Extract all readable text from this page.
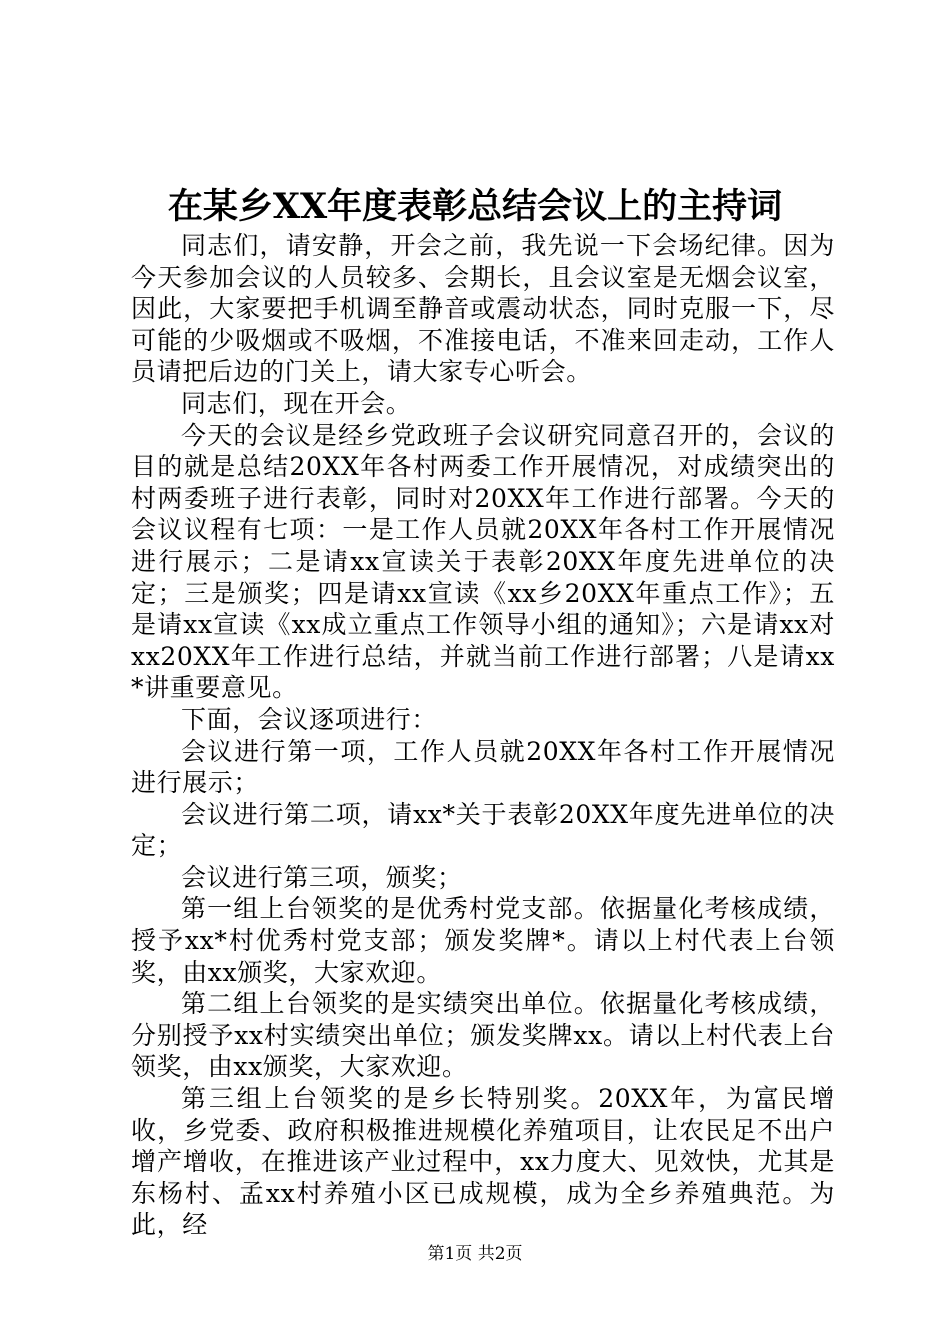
在某乡XX年度表彰总结会议上的主持词

同志们，请安静，开会之前，我先说一下会场纪律。因为今天参加会议的人员较多、会期长，且会议室是无烟会议室，因此，大家要把手机调至静音或震动状态，同时克服一下，尽可能的少吸烟或不吸烟，不准接电话，不准来回走动，工作人员请把后边的门关上，请大家专心听会。

同志们，现在开会。

今天的会议是经乡党政班子会议研究同意召开的，会议的目的就是总结20XX年各村两委工作开展情况，对成绩突出的村两委班子进行表彰，同时对20XX年工作进行部署。今天的会议议程有七项：一是工作人员就20XX年各村工作开展情况进行展示；二是请xx宣读关于表彰20XX年度先进单位的决定；三是颁奖；四是请xx宣读《xx乡20XX年重点工作》；五是请xx宣读《xx成立重点工作领导小组的通知》；六是请xx对xx20XX年工作进行总结，并就当前工作进行部署；八是请xx*讲重要意见。

下面，会议逐项进行：

会议进行第一项，工作人员就20XX年各村工作开展情况进行展示；

会议进行第二项，请xx*关于表彰20XX年度先进单位的决定；

会议进行第三项，颁奖；

第一组上台领奖的是优秀村党支部。依据量化考核成绩，授予xx*村优秀村党支部；颁发奖牌*。请以上村代表上台领奖，由xx颁奖，大家欢迎。

第二组上台领奖的是实绩突出单位。依据量化考核成绩，分别授予xx村实绩突出单位；颁发奖牌xx。请以上村代表上台领奖，由xx颁奖，大家欢迎。

第三组上台领奖的是乡长特别奖。20XX年，为富民增收，乡党委、政府积极推进规模化养殖项目，让农民足不出户增产增收，在推进该产业过程中，xx力度大、见效快，尤其是东杨村、孟xx村养殖小区已成规模，成为全乡养殖典范。为此，经

第1页 共2页
